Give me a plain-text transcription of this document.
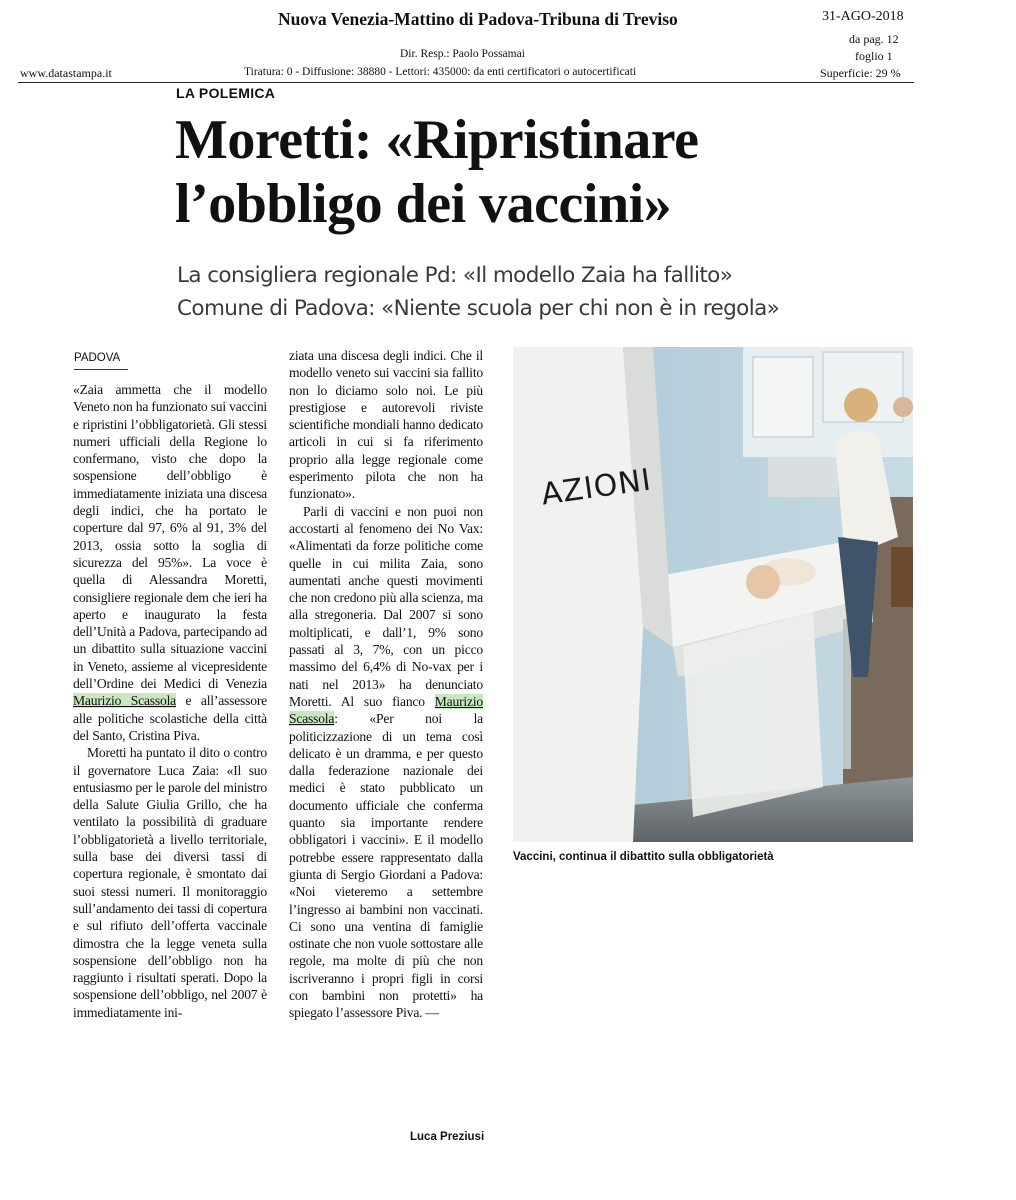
Nuova Venezia-Mattino di Padova-Tribuna di Treviso	31-AGO-2018
Dir. Resp.: Paolo Possamai
da pag. 12
foglio 1
www.datastampa.it	Tiratura: 0 - Diffusione: 38880 - Lettori: 435000: da enti certificatori o autocertificati	Superficie: 29 %
LA POLEMICA
Moretti: «Ripristinare
l’obbligo dei vaccini»
La consigliera regionale Pd: «Il modello Zaia ha fallito»
Comune di Padova: «Niente scuola per chi non è in regola»
PADOVA

«Zaia ammetta che il modello Veneto non ha funzionato sui vaccini e ripristini l’obbligatorietà. Gli stessi numeri ufficiali della Regione lo confermano, visto che dopo la sospensione dell’obbligo è immediatamente iniziata una discesa degli indici, che ha portato le coperture dal 97, 6% al 91, 3% del 2013, ossia sotto la soglia di sicurezza del 95%». La voce è quella di Alessandra Moretti, consigliere regionale dem che ieri ha aperto e inaugurato la festa dell’Unità a Padova, partecipando ad un dibattito sulla situazione vaccini in Veneto, assieme al vicepresidente dell’Ordine dei Medici di Venezia Maurizio Scassola e all’assessore alle politiche scolastiche della città del Santo, Cristina Piva.

Moretti ha puntato il dito o contro il governatore Luca Zaia: «Il suo entusiasmo per le parole del ministro della Salute Giulia Grillo, che ha ventilato la possibilità di graduare l’obbligatorietà a livello territoriale, sulla base dei diversi tassi di copertura regionale, è smontato dai suoi stessi numeri. Il monitoraggio sull’andamento dei tassi di copertura e sul rifiuto dell’offerta vaccinale dimostra che la legge veneta sulla sospensione dell’obbligo non ha raggiunto i risultati sperati. Dopo la sospensione dell’obbligo, nel 2007 è immediatamente ini-

ziata una discesa degli indici. Che il modello veneto sui vaccini sia fallito non lo diciamo solo noi. Le più prestigiose e autorevoli riviste scientifiche mondiali hanno dedicato articoli in cui si fa riferimento proprio alla legge regionale come esperimento pilota che non ha funzionato».

Parli di vaccini e non puoi non accostarti al fenomeno dei No Vax: «Alimentati da forze politiche come quelle in cui milita Zaia, sono aumentati anche questi movimenti che non credono più alla scienza, ma alla stregoneria. Dal 2007 si sono moltiplicati, e dall’1, 9% sono passati al 3, 7%, con un picco massimo del 6,4% di No-vax per i nati nel 2013» ha denunciato Moretti. Al suo fianco Maurizio Scassola: «Per noi la politicizzazione di un tema così delicato è un dramma, e per questo dalla federazione nazionale dei medici è stato pubblicato un documento ufficiale che conferma quanto sia importante rendere obbligatori i vaccini». E il modello potrebbe essere rappresentato dalla giunta di Sergio Giordani a Padova: «Noi vieteremo a settembre l’ingresso ai bambini non vaccinati. Ci sono una ventina di famiglie ostinate che non vuole sottostare alle regole, ma molte di più che non iscriveranno i propri figli in corsi con bambini non protetti» ha spiegato l’assessore Piva. —

Luca Preziusi
AZIONI
Vaccini, continua il dibattito sulla obbligatorietà
